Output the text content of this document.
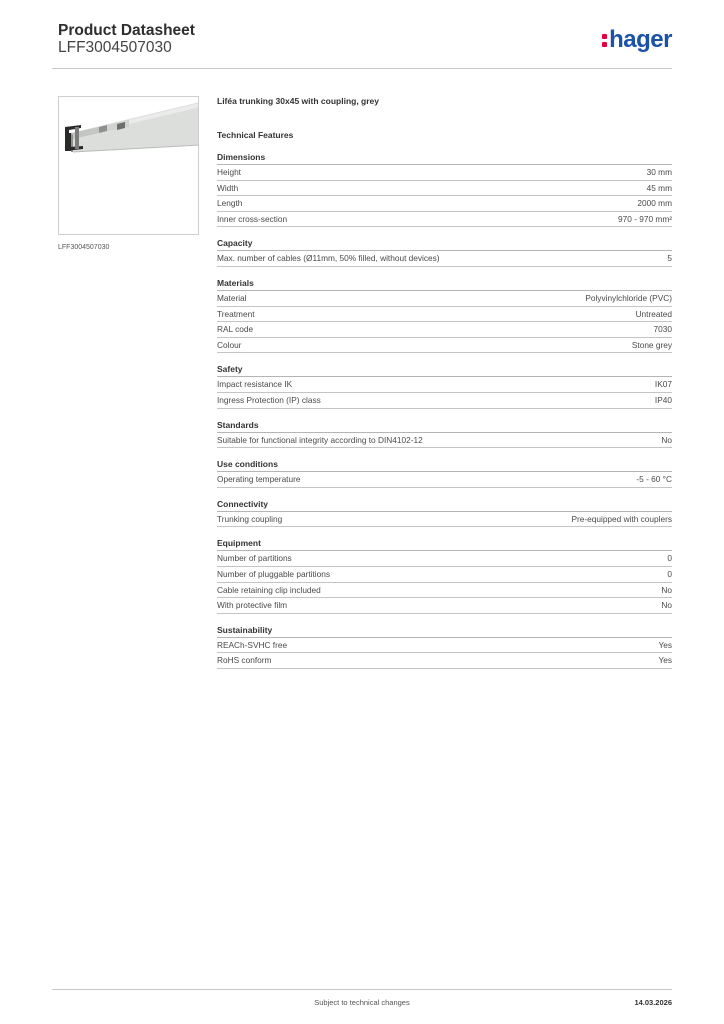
Product Datasheet
LFF3004507030	hager
LFF3004507030
Liféa trunking 30x45 with coupling, grey
Technical Features
Dimensions
Height	30 mm
Width	45 mm
Length	2000 mm
Inner cross-section	970 - 970 mm²
Capacity
Max. number of cables (Ø11mm, 50% filled, without devices)	5
Materials
Material	Polyvinylchloride (PVC)
Treatment	Untreated
RAL code	7030
Colour	Stone grey
Safety
Impact resistance IK	IK07
Ingress Protection (IP) class	IP40
Standards
Suitable for functional integrity according to DIN4102-12	No
Use conditions
Operating temperature	-5 - 60 °C
Connectivity
Trunking coupling	Pre-equipped with couplers
Equipment
Number of partitions	0
Number of pluggable partitions	0
Cable retaining clip included	No
With protective film	No
Sustainability
REACh-SVHC free	Yes
RoHS conform	Yes
Subject to technical changes	14.03.2026
